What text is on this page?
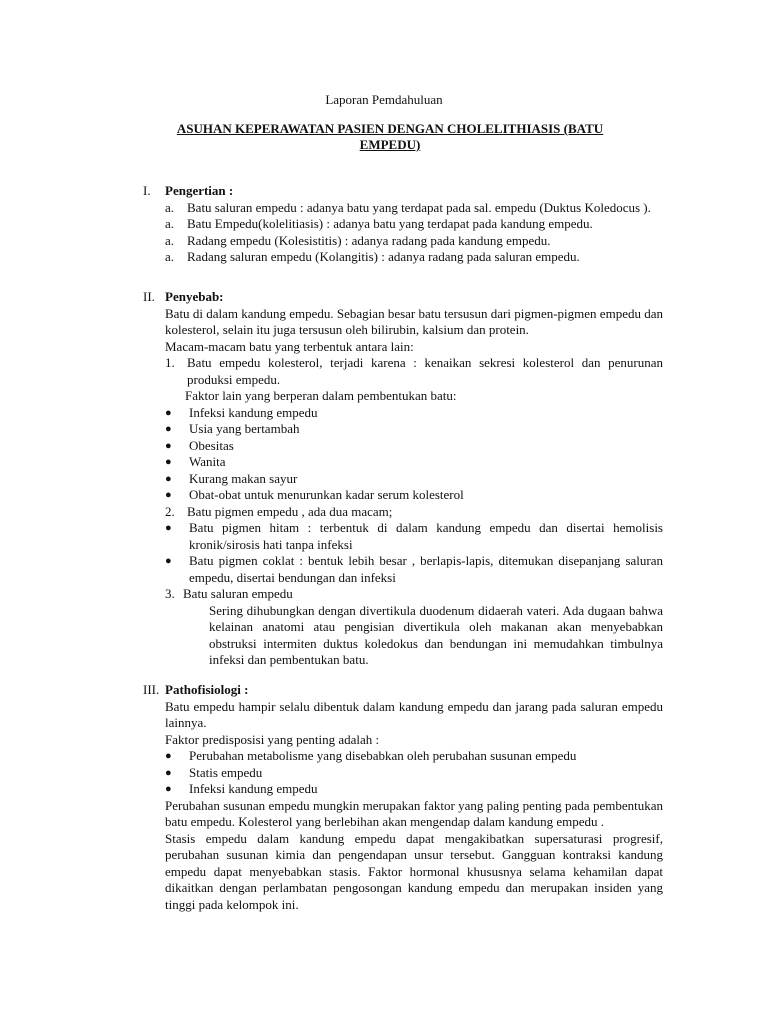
Laporan Pemdahuluan
ASUHAN KEPERAWATAN PASIEN DENGAN CHOLELITHIASIS (BATU EMPEDU)
I.	Pengertian :
a. Batu saluran empedu : adanya batu yang terdapat pada sal. empedu (Duktus Koledocus ).
a. Batu Empedu(kolelitiasis) : adanya batu yang terdapat pada kandung empedu.
a. Radang empedu (Kolesistitis) : adanya radang pada kandung empedu.
a. Radang saluran empedu (Kolangitis) : adanya radang pada saluran empedu.
II. Penyebab:

Batu di dalam kandung empedu. Sebagian besar batu tersusun dari pigmen-pigmen empedu dan kolesterol, selain itu juga tersusun oleh bilirubin, kalsium dan protein.

Macam-macam batu yang terbentuk antara lain:

1. Batu empedu kolesterol, terjadi karena : kenaikan sekresi kolesterol dan penurunan produksi empedu.

Faktor lain yang berperan dalam pembentukan batu:

●	Infeksi kandung empedu
●	Usia yang bertambah
●	Obesitas
●	Wanita
●	Kurang makan sayur
●	Obat-obat untuk menurunkan kadar serum kolesterol
2. Batu pigmen empedu , ada dua macam;
●	Batu pigmen hitam : terbentuk di dalam kandung empedu dan disertai hemolisis kronik/sirosis hati tanpa infeksi
●	Batu pigmen coklat : bentuk lebih besar , berlapis-lapis, ditemukan disepanjang saluran empedu, disertai bendungan dan infeksi
3. Batu saluran empedu

Sering dihubungkan dengan divertikula duodenum didaerah vateri. Ada dugaan bahwa kelainan anatomi atau pengisian divertikula oleh makanan akan menyebabkan obstruksi intermiten duktus koledokus dan bendungan ini memudahkan timbulnya infeksi dan pembentukan batu.

III. Pathofisiologi :

Batu empedu hampir selalu dibentuk dalam kandung empedu dan jarang pada saluran empedu lainnya.

Faktor predisposisi yang penting adalah :

●	Perubahan metabolisme yang disebabkan oleh perubahan susunan empedu
●	Statis empedu
●	Infeksi kandung empedu

Perubahan susunan empedu mungkin merupakan faktor yang paling penting pada pembentukan batu empedu. Kolesterol yang berlebihan akan mengendap dalam kandung empedu .

Stasis empedu dalam kandung empedu dapat mengakibatkan supersaturasi progresif, perubahan susunan kimia dan pengendapan unsur tersebut. Gangguan kontraksi kandung empedu dapat menyebabkan stasis. Faktor hormonal khususnya selama kehamilan dapat dikaitkan dengan perlambatan pengosongan kandung empedu dan merupakan insiden yang tinggi pada kelompok ini.
